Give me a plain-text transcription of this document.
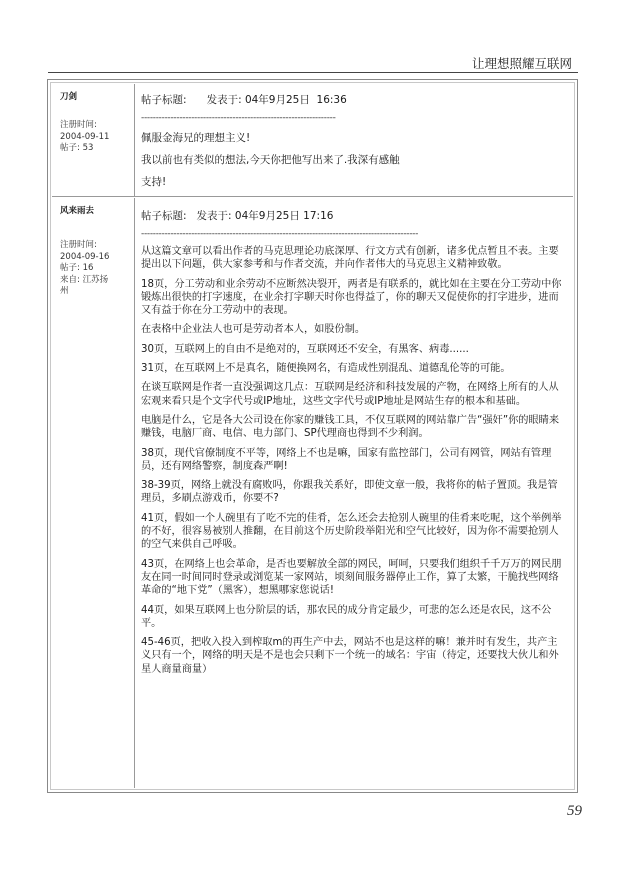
让理想照耀互联网
刀剑
注册时间:
2004-09-11
帖子: 53
帖子标题:      发表于: 04年9月25日  16:36
------------------------------------------------------------------
佩服金海兄的理想主义!
我以前也有类似的想法,今天你把他写出来了.我深有感触
支持!
风来雨去
注册时间:
2004-09-16
帖子: 16
来自: 江苏扬
州
帖子标题:   发表于: 04年9月25日 17:16
----------------------------------------------------------------------------------------------
从这篇文章可以看出作者的马克思理论功底深厚、行文方式有创新，诸多优点暂且不表。主要提出以下问题，供大家参考和与作者交流，并向作者伟大的马克思主义精神致敬。
18页，分工劳动和业余劳动不应断然决裂开，两者是有联系的，就比如在主要在分工劳动中你锻炼出很快的打字速度，在业余打字聊天时你也得益了，你的聊天又促使你的打字进步，进而又有益于你在分工劳动中的表现。
在表格中企业法人也可是劳动者本人，如股份制。
30页，互联网上的自由不是绝对的，互联网还不安全，有黑客、病毒......
31页，在互联网上不是真名，随便换网名，有造成性别混乱、道德乱伦等的可能。
在谈互联网是作者一直没强调这几点：互联网是经济和科技发展的产物，在网络上所有的人从宏观来看只是个文字代号或IP地址，这些文字代号或IP地址是网站生存的根本和基础。
电脑是什么，它是各大公司设在你家的赚钱工具，不仅互联网的网站靠广告“强奸”你的眼睛来赚钱，电脑厂商、电信、电力部门、SP代理商也得到不少利润。
38页，现代官僚制度不平等，网络上不也是嘛，国家有监控部门，公司有网管，网站有管理员，还有网络警察，制度森严啊!
38-39页，网络上就没有腐败吗，你跟我关系好，即使文章一般，我将你的帖子置顶。我是管理员，多刷点游戏币，你要不?
41页，假如一个人碗里有了吃不完的佳肴，怎么还会去抢别人碗里的佳肴来吃呢，这个举例举的不好，很容易被别人推翻，在目前这个历史阶段举阳光和空气比较好，因为你不需要抢别人的空气来供自己呼吸。
43页，在网络上也会革命，是否也要解放全部的网民，呵呵，只要我们组织千千万万的网民朋友在同一时间同时登录或浏览某一家网站，顷刻间服务器停止工作，算了太繁，干脆找些网络革命的“地下党”（黑客），想黑哪家您说话!
44页，如果互联网上也分阶层的话，那农民的成分肯定最少，可悲的怎么还是农民，这不公平。
45-46页，把收入投入到榨取m的再生产中去，网站不也是这样的嘛！兼并时有发生，共产主义只有一个，网络的明天是不是也会只剩下一个统一的域名：宇宙（待定，还要找大伙儿和外星人商量商量）
59
